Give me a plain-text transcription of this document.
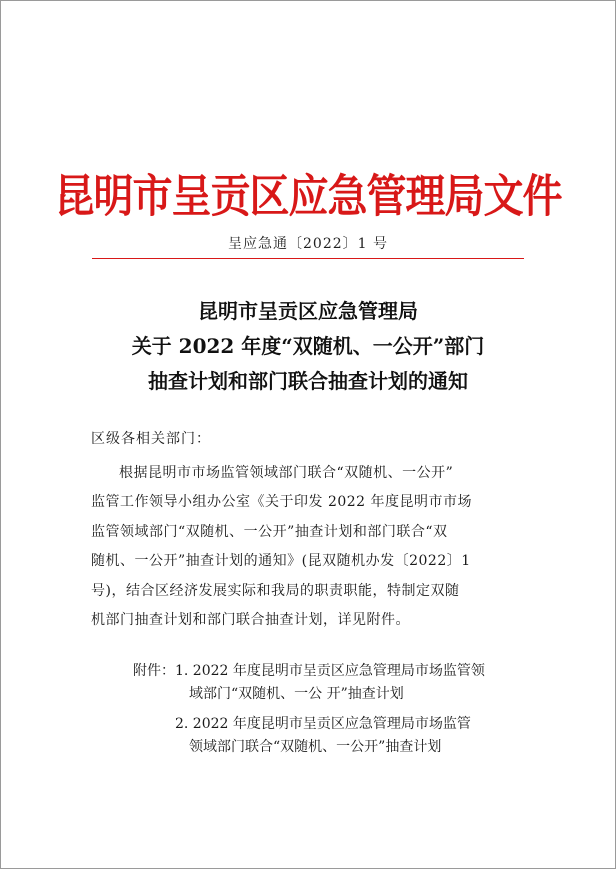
昆明市呈贡区应急管理局文件
呈应急通〔2022〕1 号
昆明市呈贡区应急管理局
关于 2022 年度“双随机、一公开”部门
抽查计划和部门联合抽查计划的通知
区级各相关部门：
根据昆明市市场监管领域部门联合“双随机、一公开”
监管工作领导小组办公室《关于印发 2022 年度昆明市市场
监管领域部门“双随机、一公开”抽查计划和部门联合“双
随机、一公开”抽查计划的通知》(昆双随机办发〔2022〕1
号)，结合区经济发展实际和我局的职责职能，特制定双随
机部门抽查计划和部门联合抽查计划，详见附件。
附件： 1. 2022 年度昆明市呈贡区应急管理局市场监管领
域部门“双随机、一公 开”抽查计划
2. 2022 年度昆明市呈贡区应急管理局市场监管
领域部门联合“双随机、一公开”抽查计划
